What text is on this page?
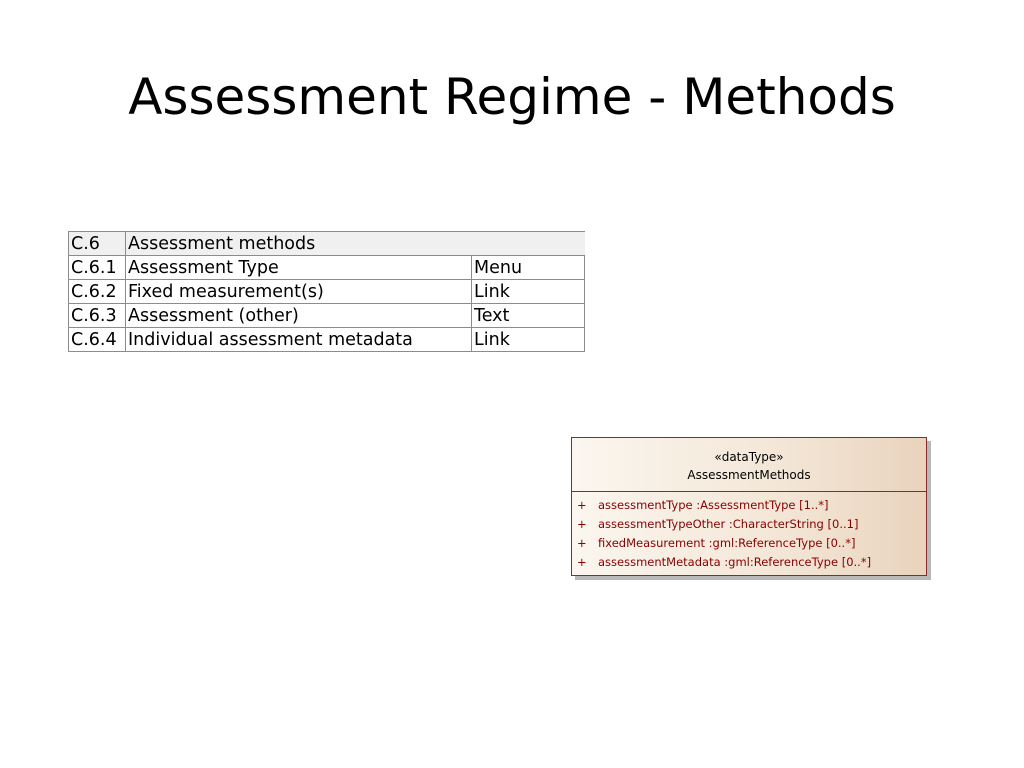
Assessment Regime - Methods
C.6	Assessment methods	
C.6.1	Assessment Type	Menu
C.6.2	Fixed measurement(s)	Link
C.6.3	Assessment (other)	Text
C.6.4	Individual assessment metadata	Link
«dataType»
AssessmentMethods
+ assessmentType :AssessmentType [1..*]
+ assessmentTypeOther :CharacterString [0..1]
+ fixedMeasurement :gml:ReferenceType [0..*]
+ assessmentMetadata :gml:ReferenceType [0..*]
